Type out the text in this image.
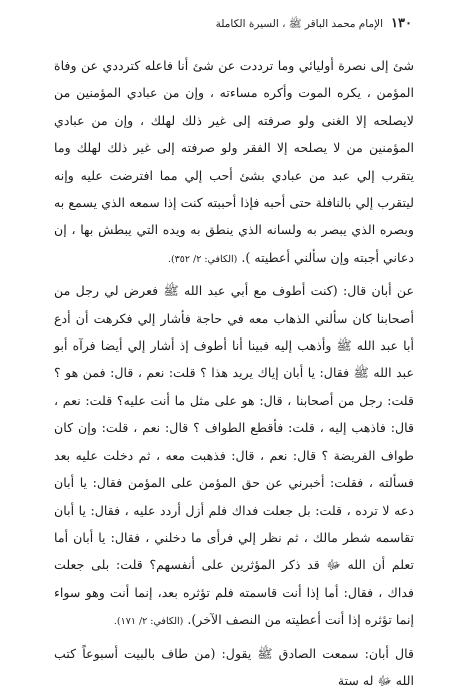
١٣٠
الإمام محمد الباقر ﷺ ، السيرة الكاملة

شئ إلى نصرة أوليائي وما ترددت عن شئ أنا فاعله كترددي عن وفاة المؤمن ، يكره الموت وأكره مساءته ، وإن من عبادي المؤمنين من لايصلحه إلا الغنى ولو صرفته إلى غير ذلك لهلك ، وإن من عبادي المؤمنين من لا يصلحه إلا الفقر ولو صرفته إلى غير ذلك لهلك وما يتقرب إلي عبد من عبادي بشئ أحب إلي مما افترضت عليه وإنه ليتقرب إلي بالنافلة حتى أحبه فإذا أحببته كنت إذا سمعه الذي يسمع به وبصره الذي يبصر به ولسانه الذي ينطق به ويده التي يبطش بها ، إن دعاني أجبته وإن سألني أعطيته ). (الكافي: ٢/ ٣٥٢).

عن أبان قال: (كنت أطوف مع أبي عبد الله ﷺ فعرض لي رجل من أصحابنا كان سألني الذهاب معه في حاجة فأشار إلي فكرهت أن أدع أبا عبد الله ﷺ وأذهب إليه فبينا أنا أطوف إذ أشار إلي أيضا فرآه أبو عبد الله ﷺ فقال: يا أبان إياك يريد هذا ؟ قلت: نعم ، قال: فمن هو ؟ قلت: رجل من أصحابنا ، قال: هو على مثل ما أنت عليه؟ قلت: نعم ، قال: فاذهب إليه ، قلت: فأقطع الطواف ؟ قال: نعم ، قلت: وإن كان طواف الفريضة ؟ قال: نعم ، قال: فذهبت معه ، ثم دخلت عليه بعد فسألته ، فقلت: أخبرني عن حق المؤمن على المؤمن فقال: يا أبان دعه لا ترده ، قلت: بل جعلت فداك فلم أزل أردد عليه ، فقال: يا أبان تقاسمه شطر مالك ، ثم نظر إلي فرأى ما دخلني ، فقال: يا أبان أما تعلم أن الله ﷻ قد ذكر المؤثرين على أنفسهم؟ قلت: بلى جعلت فداك ، فقال: أما إذا أنت قاسمته فلم تؤثره بعد، إنما أنت وهو سواء إنما تؤثره إذا أنت أعطيته من النصف الآخر). (الكافي: ٢/ ١٧١).

قال أبان: سمعت الصادق ﷺ يقول: (من طاف بالبيت أسبوعاً كتب الله ﷻ له ستة
